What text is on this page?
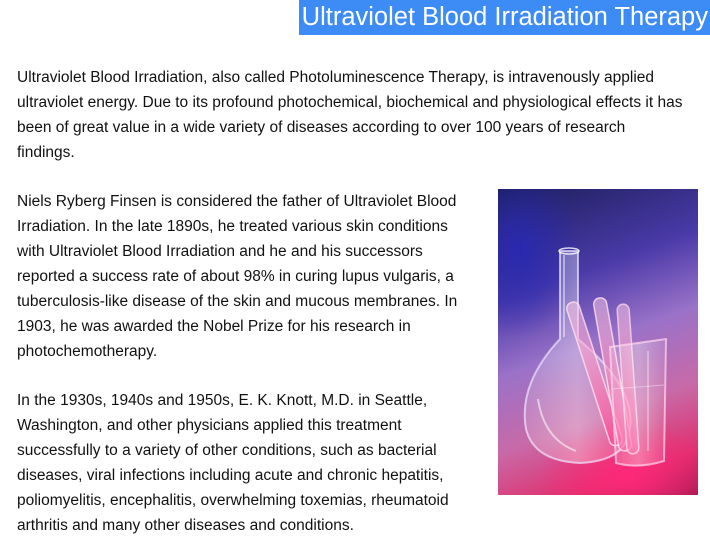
Ultraviolet Blood Irradiation Therapy

Ultraviolet Blood Irradiation, also called Photoluminescence Therapy, is intravenously applied ultraviolet energy. Due to its profound photochemical, biochemical and physiological effects it has been of great value in a wide variety of diseases according to over 100 years of research findings.

Niels Ryberg Finsen is considered the father of Ultraviolet Blood Irradiation. In the late 1890s, he treated various skin conditions with Ultraviolet Blood Irradiation and he and his successors reported a success rate of about 98% in curing lupus vulgaris, a tuberculosis-like disease of the skin and mucous membranes. In 1903, he was awarded the Nobel Prize for his research in photochemotherapy.

In the 1930s, 1940s and 1950s, E. K. Knott, M.D. in Seattle, Washington, and other physicians applied this treatment successfully to a variety of other conditions, such as bacterial diseases, viral infections including acute and chronic hepatitis, poliomyelitis, encephalitis, overwhelming toxemias, rheumatoid arthritis and many other diseases and conditions.
